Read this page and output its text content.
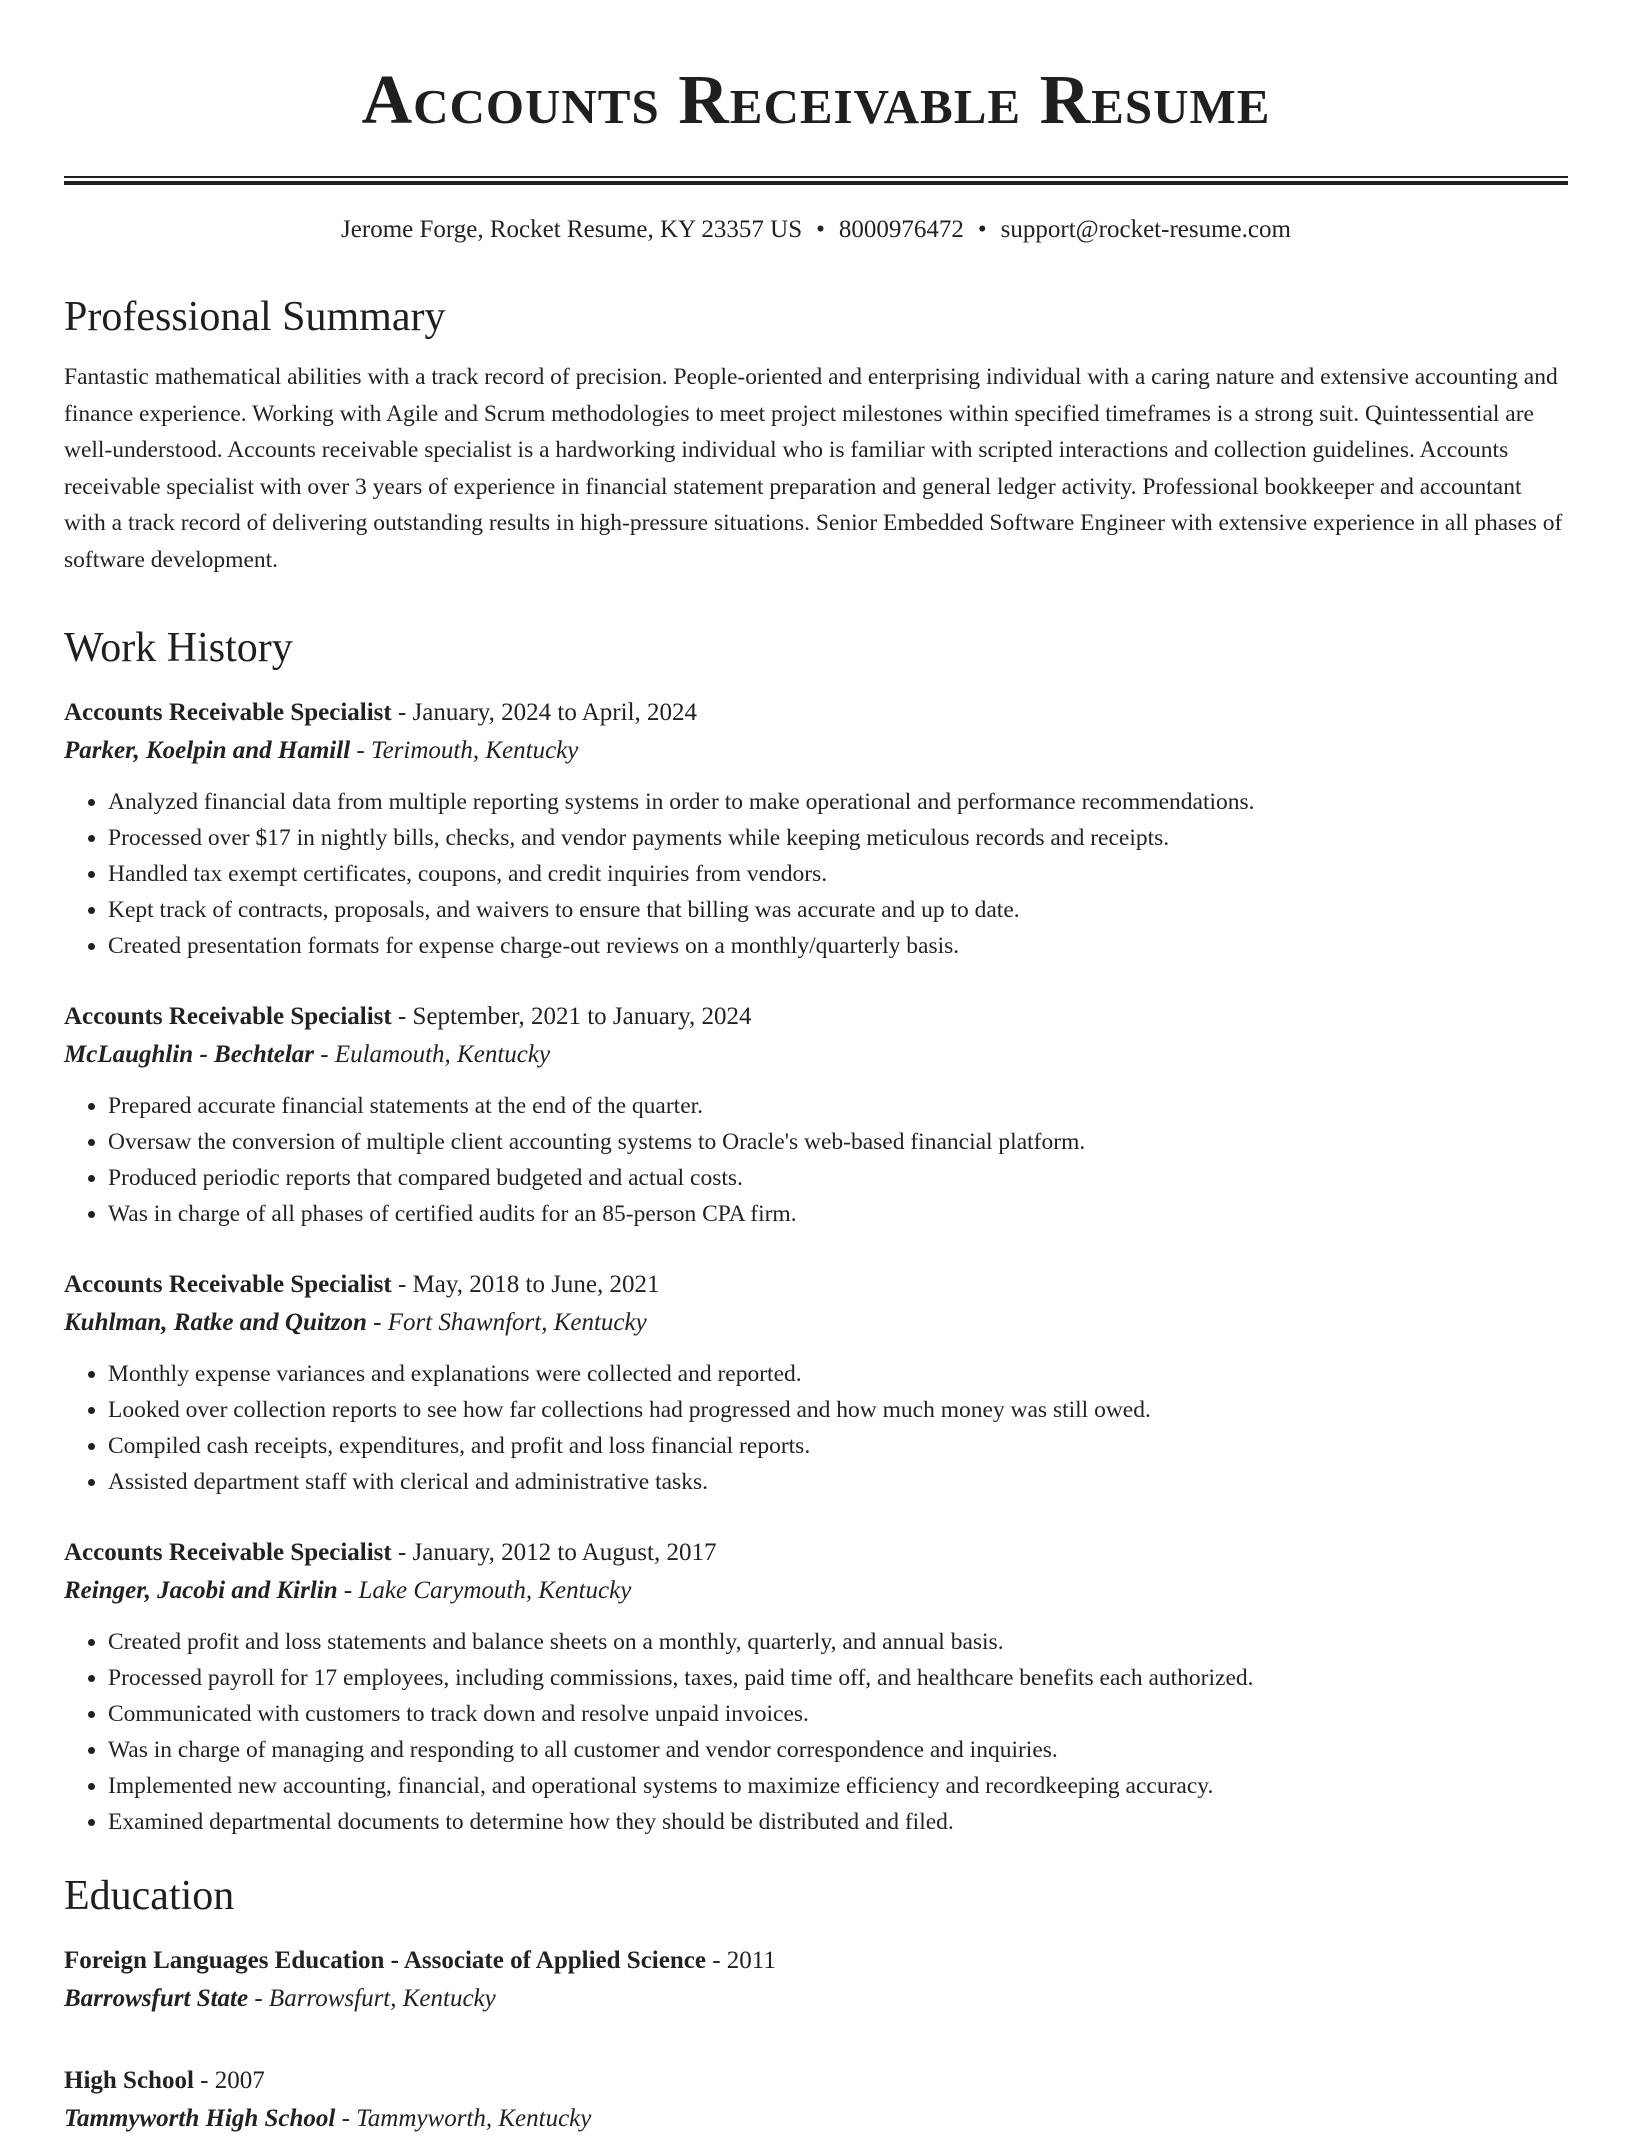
Accounts Receivable Resume
Jerome Forge, Rocket Resume, KY 23357 US • 8000976472 • support@rocket-resume.com
Professional Summary

Fantastic mathematical abilities with a track record of precision. People-oriented and enterprising individual with a caring nature and extensive accounting and finance experience. Working with Agile and Scrum methodologies to meet project milestones within specified timeframes is a strong suit. Quintessential are well-understood. Accounts receivable specialist is a hardworking individual who is familiar with scripted interactions and collection guidelines. Accounts receivable specialist with over 3 years of experience in financial statement preparation and general ledger activity. Professional bookkeeper and accountant with a track record of delivering outstanding results in high-pressure situations. Senior Embedded Software Engineer with extensive experience in all phases of software development.

Work History
Accounts Receivable Specialist - January, 2024 to April, 2024
Parker, Koelpin and Hamill - Terimouth, Kentucky
• Analyzed financial data from multiple reporting systems in order to make operational and performance recommendations.
• Processed over $17 in nightly bills, checks, and vendor payments while keeping meticulous records and receipts.
• Handled tax exempt certificates, coupons, and credit inquiries from vendors.
• Kept track of contracts, proposals, and waivers to ensure that billing was accurate and up to date.
• Created presentation formats for expense charge-out reviews on a monthly/quarterly basis.
Accounts Receivable Specialist - September, 2021 to January, 2024
McLaughlin - Bechtelar - Eulamouth, Kentucky
• Prepared accurate financial statements at the end of the quarter.
• Oversaw the conversion of multiple client accounting systems to Oracle's web-based financial platform.
• Produced periodic reports that compared budgeted and actual costs.
• Was in charge of all phases of certified audits for an 85-person CPA firm.
Accounts Receivable Specialist - May, 2018 to June, 2021
Kuhlman, Ratke and Quitzon - Fort Shawnfort, Kentucky
• Monthly expense variances and explanations were collected and reported.
• Looked over collection reports to see how far collections had progressed and how much money was still owed.
• Compiled cash receipts, expenditures, and profit and loss financial reports.
• Assisted department staff with clerical and administrative tasks.
Accounts Receivable Specialist - January, 2012 to August, 2017
Reinger, Jacobi and Kirlin - Lake Carymouth, Kentucky
• Created profit and loss statements and balance sheets on a monthly, quarterly, and annual basis.
• Processed payroll for 17 employees, including commissions, taxes, paid time off, and healthcare benefits each authorized.
• Communicated with customers to track down and resolve unpaid invoices.
• Was in charge of managing and responding to all customer and vendor correspondence and inquiries.
• Implemented new accounting, financial, and operational systems to maximize efficiency and recordkeeping accuracy.
• Examined departmental documents to determine how they should be distributed and filed.
Education
Foreign Languages Education - Associate of Applied Science - 2011
Barrowsfurt State - Barrowsfurt, Kentucky
High School - 2007
Tammyworth High School - Tammyworth, Kentucky
